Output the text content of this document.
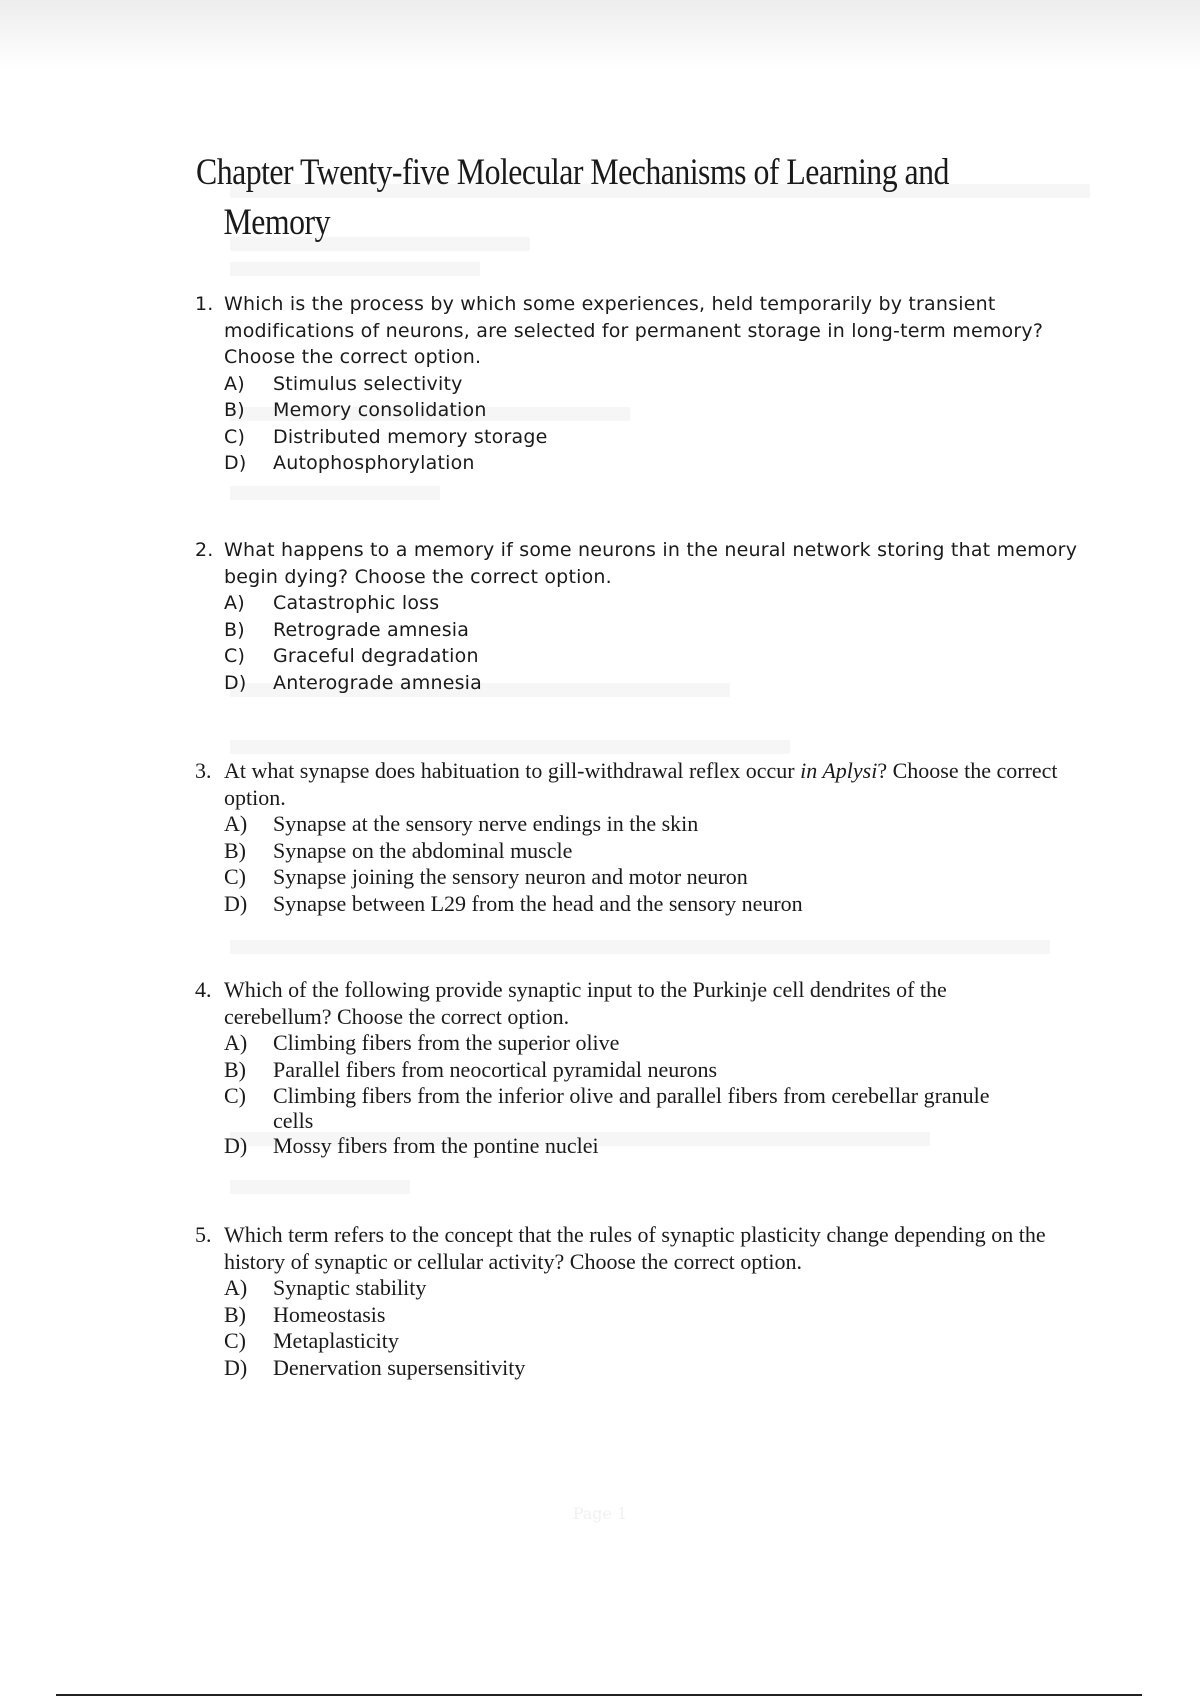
Chapter Twenty-five Molecular Mechanisms of Learning and
Memory
1. Which is the process by which some experiences, held temporarily by transient modifications of neurons, are selected for permanent storage in long-term memory? Choose the correct option.
A)	Stimulus selectivity
B)	Memory consolidation
C)	Distributed memory storage
D)	Autophosphorylation
2. What happens to a memory if some neurons in the neural network storing that memory begin dying? Choose the correct option.
A)	Catastrophic loss
B)	Retrograde amnesia
C)	Graceful degradation
D)	Anterograde amnesia
3. At what synapse does habituation to gill-withdrawal reflex occur in Aplysi? Choose the correct option.
A)	Synapse at the sensory nerve endings in the skin
B)	Synapse on the abdominal muscle
C)	Synapse joining the sensory neuron and motor neuron
D)	Synapse between L29 from the head and the sensory neuron
4. Which of the following provide synaptic input to the Purkinje cell dendrites of the cerebellum? Choose the correct option.
A)	Climbing fibers from the superior olive
B)	Parallel fibers from neocortical pyramidal neurons
C)	Climbing fibers from the inferior olive and parallel fibers from cerebellar granule cells
D)	Mossy fibers from the pontine nuclei
5. Which term refers to the concept that the rules of synaptic plasticity change depending on the history of synaptic or cellular activity? Choose the correct option.
A)	Synaptic stability
B)	Homeostasis
C)	Metaplasticity
D)	Denervation supersensitivity
Page 1
